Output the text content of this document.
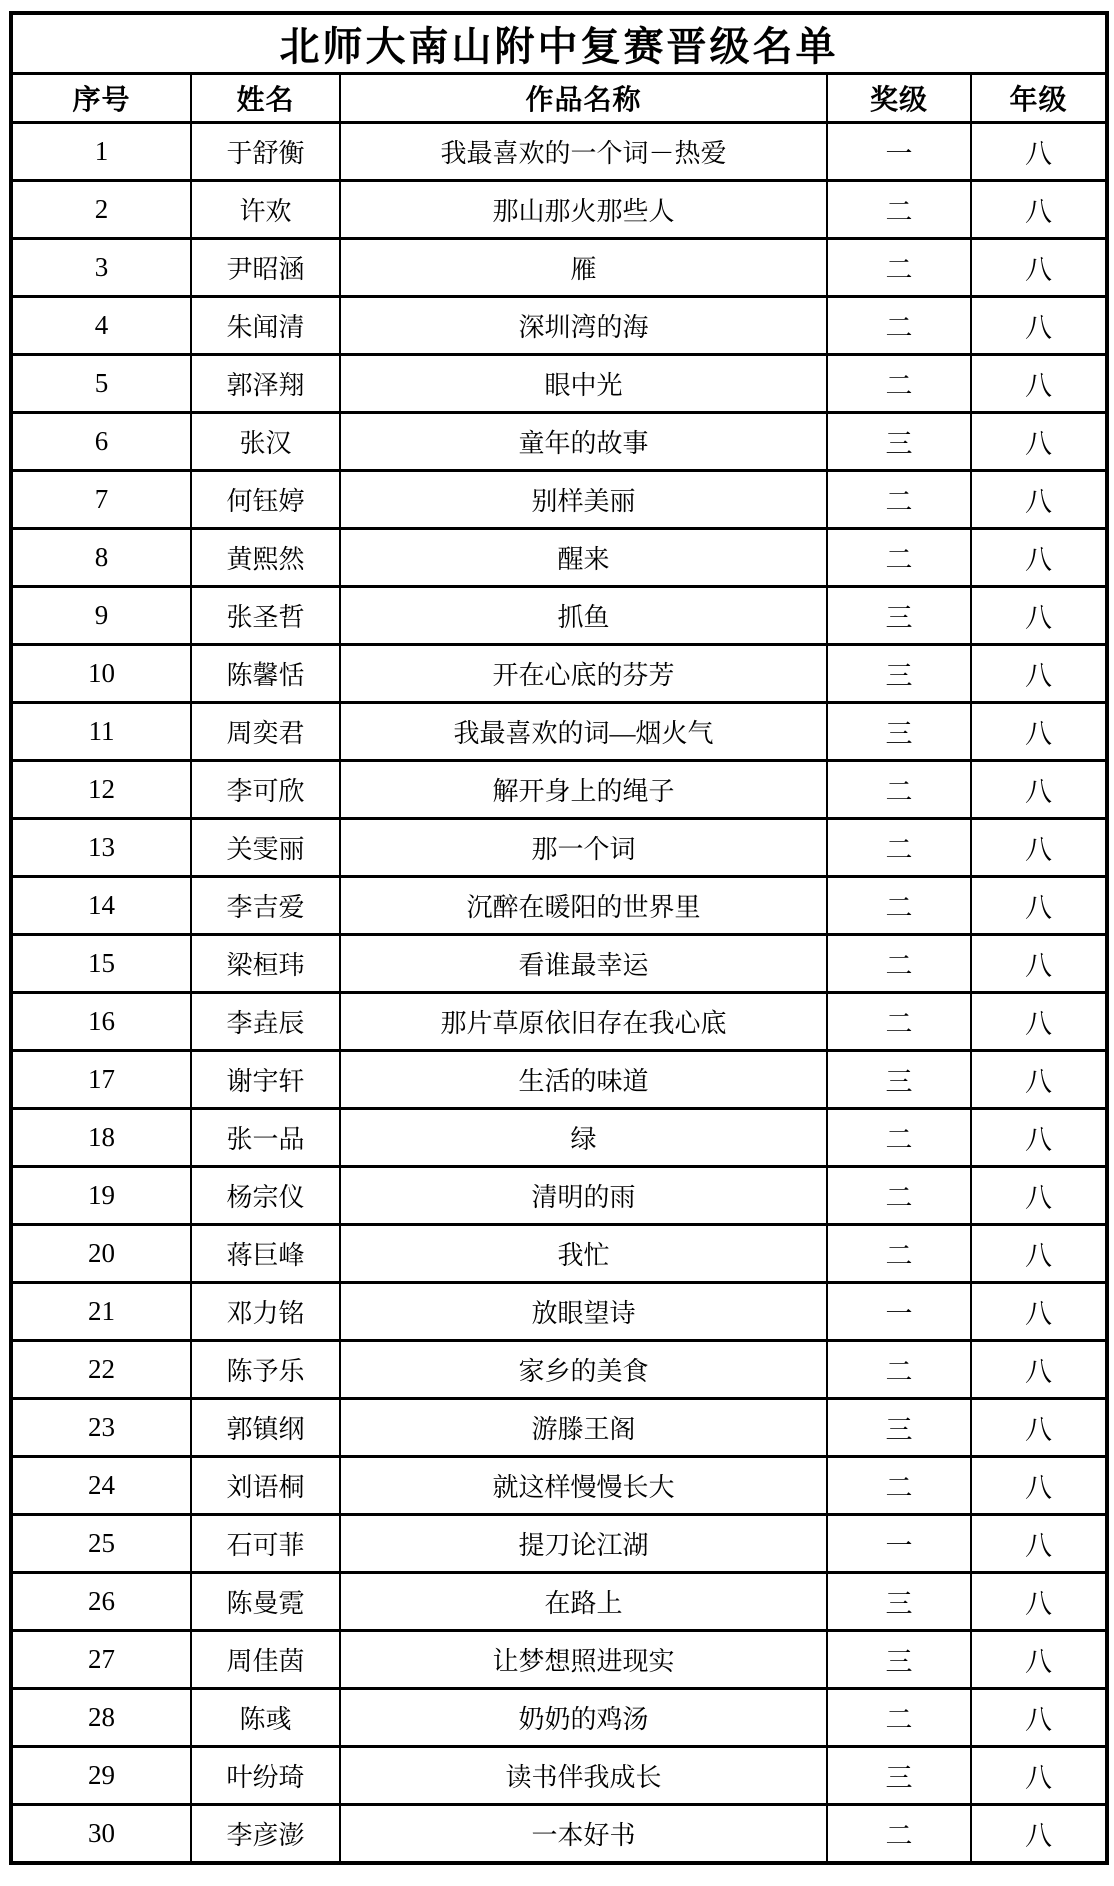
北师大南山附中复赛晋级名单				
序号	姓名	作品名称	奖级	年级
1	于舒衡	我最喜欢的一个词－热爱	一	八
2	许欢	那山那火那些人	二	八
3	尹昭涵	雁	二	八
4	朱闻清	深圳湾的海	二	八
5	郭泽翔	眼中光	二	八
6	张汉	童年的故事	三	八
7	何钰婷	别样美丽	二	八
8	黄熙然	醒来	二	八
9	张圣哲	抓鱼	三	八
10	陈馨恬	开在心底的芬芳	三	八
11	周奕君	我最喜欢的词—烟火气	三	八
12	李可欣	解开身上的绳子	二	八
13	关雯丽	那一个词	二	八
14	李吉爱	沉醉在暖阳的世界里	二	八
15	梁桓玮	看谁最幸运	二	八
16	李垚辰	那片草原依旧存在我心底	二	八
17	谢宇轩	生活的味道	三	八
18	张一品	绿	二	八
19	杨宗仪	清明的雨	二	八
20	蒋巨峰	我忙	二	八
21	邓力铭	放眼望诗	一	八
22	陈予乐	家乡的美食	二	八
23	郭镇纲	游滕王阁	三	八
24	刘语桐	就这样慢慢长大	二	八
25	石可菲	提刀论江湖	一	八
26	陈曼霓	在路上	三	八
27	周佳茵	让梦想照进现实	三	八
28	陈彧	奶奶的鸡汤	二	八
29	叶纷琦	读书伴我成长	三	八
30	李彦澎	一本好书	二	八
